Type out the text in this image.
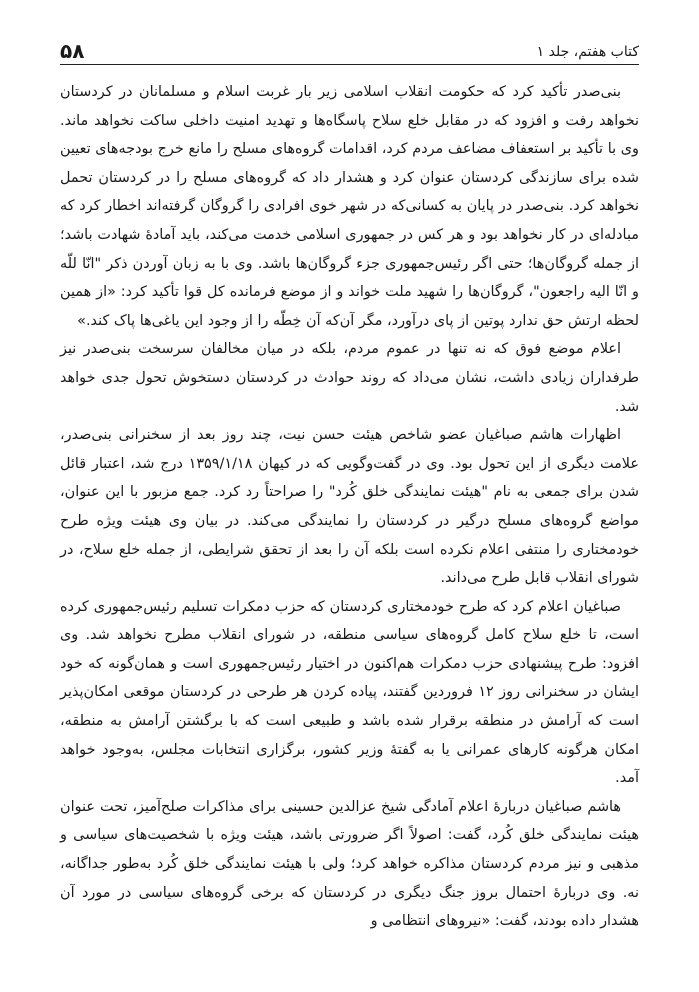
کتاب هفتم، جلد ۱
۵۸

بنی‌صدر تأکید کرد که حکومت انقلاب اسلامی زیر بار غربت اسلام و مسلمانان در کردستان نخواهد رفت و افزود که در مقابل خلع سلاح پاسگاه‌ها و تهدید امنیت داخلی ساکت نخواهد ماند. وی با تأکید بر استعفاف مضاعف مردم کرد، اقدامات گروه‌های مسلح را مانع خرج بودجه‌های تعیین شده برای سازندگی کردستان عنوان کرد و هشدار داد که گروه‌های مسلح را در کردستان تحمل نخواهد کرد. بنی‌صدر در پایان به کسانی‌که در شهر خوی افرادی را گروگان گرفته‌اند اخطار کرد که مبادله‌ای در کار نخواهد بود و هر کس در جمهوری اسلامی خدمت می‌کند، باید آمادهٔ شهادت باشد؛ از جمله گروگان‌ها؛ حتی اگر رئیس‌جمهوری جزء گروگان‌ها باشد. وی با به زبان آوردن ذکر "انّا للّه و انّا الیه راجعون"، گروگان‌ها را شهید ملت خواند و از موضع فرمانده کل قوا تأکید کرد: «از همین لحظه ارتش حق ندارد پوتین از پای درآورد، مگر آن‌که آن خِطّه را از وجود این یاغی‌ها پاک کند.»

اعلام موضع فوق که نه تنها در عموم مردم، بلکه در میان مخالفان سرسخت بنی‌صدر نیز طرفداران زیادی داشت، نشان می‌داد که روند حوادث در کردستان دستخوش تحول جدی خواهد شد.

اظهارات هاشم صباغیان عضو شاخص هیئت حسن نیت، چند روز بعد از سخنرانی بنی‌صدر، علامت دیگری از این تحول بود. وی در گفت‌وگویی که در کیهان ۱۳۵۹/۱/۱۸ درج شد، اعتبار قائل شدن برای جمعی به نام "هیئت نمایندگی خلق کُرد" را صراحتاً رد کرد. جمع مزبور با این عنوان، مواضع گروه‌های مسلح درگیر در کردستان را نمایندگی می‌کند. در بیان وی هیئت ویژه طرح خودمختاری را منتفی اعلام نکرده است بلکه آن را بعد از تحقق شرایطی، از جمله خلع سلاح، در شورای انقلاب قابل طرح می‌داند.

صباغیان اعلام کرد که طرح خودمختاری کردستان که حزب دمکرات تسلیم رئیس‌جمهوری کرده است، تا خلع سلاح کامل گروه‌های سیاسی منطقه، در شورای انقلاب مطرح نخواهد شد. وی افزود: طرح پیشنهادی حزب دمکرات هم‌اکنون در اختیار رئیس‌جمهوری است و همان‌گونه که خود ایشان در سخنرانی روز ۱۲ فروردین گفتند، پیاده کردن هر طرحی در کردستان موقعی امکان‌پذیر است که آرامش در منطقه برقرار شده باشد و طبیعی است که با برگشتن آرامش به منطقه، امکان هرگونه کارهای عمرانی یا به گفتهٔ وزیر کشور، برگزاری انتخابات مجلس، به‌وجود خواهد آمد.

هاشم صباغیان دربارهٔ اعلام آمادگی شیخ عزالدین حسینی برای مذاکرات صلح‌آمیز، تحت عنوان هیئت نمایندگی خلق کُرد، گفت: اصولاً اگر ضرورتی باشد، هیئت ویژه با شخصیت‌های سیاسی و مذهبی و نیز مردم کردستان مذاکره خواهد کرد؛ ولی با هیئت نمایندگی خلق کُرد به‌طور جداگانه، نه. وی دربارهٔ احتمال بروز جنگ دیگری در کردستان که برخی گروه‌های سیاسی در مورد آن هشدار داده بودند، گفت: «نیروهای انتظامی و
